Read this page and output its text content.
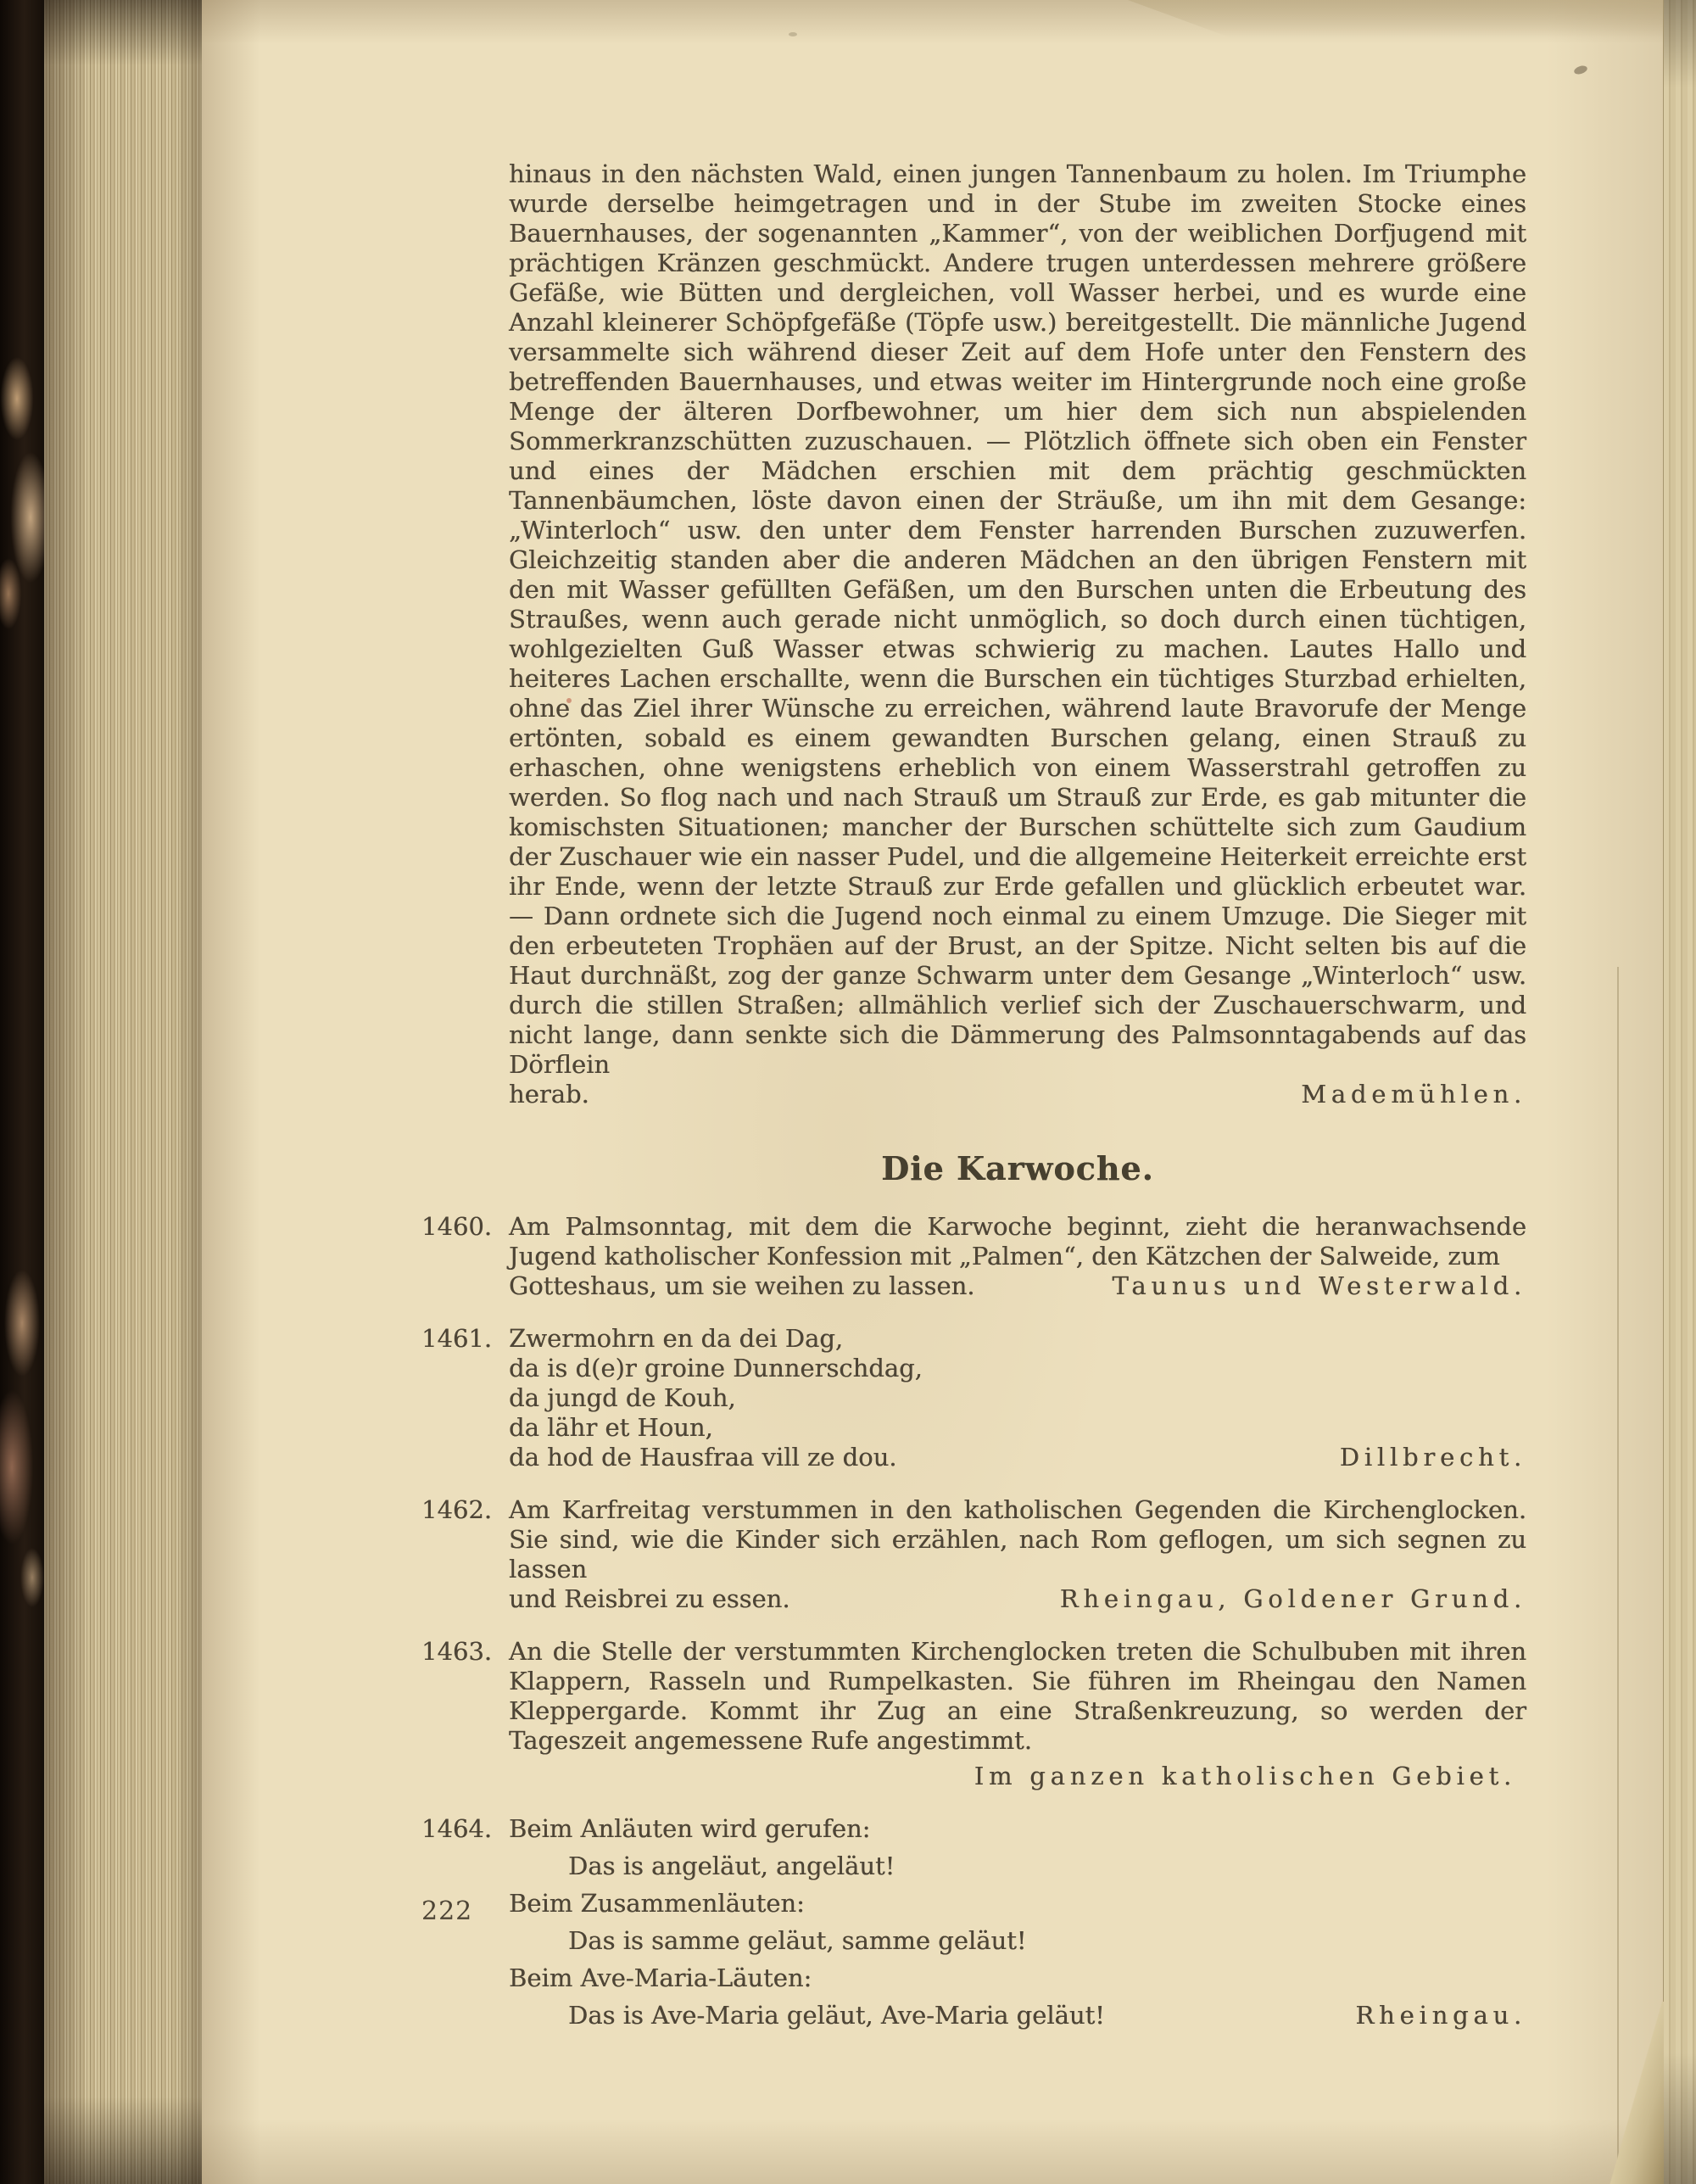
hinaus in den nächsten Wald, einen jungen Tannenbaum zu holen. Im Triumphe wurde derselbe heimgetragen und in der Stube im zweiten Stocke eines Bauernhauses, der sogenannten „Kammer“, von der weiblichen Dorfjugend mit prächtigen Kränzen geschmückt. Andere trugen unterdessen mehrere größere Gefäße, wie Bütten und dergleichen, voll Wasser herbei, und es wurde eine Anzahl kleinerer Schöpfgefäße (Töpfe usw.) bereitgestellt. Die männliche Jugend versammelte sich während dieser Zeit auf dem Hofe unter den Fenstern des betreffenden Bauernhauses, und etwas weiter im Hintergrunde noch eine große Menge der älteren Dorfbewohner, um hier dem sich nun abspielenden Sommerkranzschütten zuzuschauen. — Plötzlich öffnete sich oben ein Fenster und eines der Mädchen erschien mit dem prächtig geschmückten Tannenbäumchen, löste davon einen der Sträuße, um ihn mit dem Gesange: „Winterloch“ usw. den unter dem Fenster harrenden Burschen zuzuwerfen. Gleichzeitig standen aber die anderen Mädchen an den übrigen Fenstern mit den mit Wasser gefüllten Gefäßen, um den Burschen unten die Erbeutung des Straußes, wenn auch gerade nicht unmöglich, so doch durch einen tüchtigen, wohlgezielten Guß Wasser etwas schwierig zu machen. Lautes Hallo und heiteres Lachen erschallte, wenn die Burschen ein tüchtiges Sturzbad erhielten, ohne das Ziel ihrer Wünsche zu erreichen, während laute Bravorufe der Menge ertönten, sobald es einem gewandten Burschen gelang, einen Strauß zu erhaschen, ohne wenigstens erheblich von einem Wasserstrahl getroffen zu werden. So flog nach und nach Strauß um Strauß zur Erde, es gab mitunter die komischsten Situationen; mancher der Burschen schüttelte sich zum Gaudium der Zuschauer wie ein nasser Pudel, und die allgemeine Heiterkeit erreichte erst ihr Ende, wenn der letzte Strauß zur Erde gefallen und glücklich erbeutet war. — Dann ordnete sich die Jugend noch einmal zu einem Umzuge. Die Sieger mit den erbeuteten Trophäen auf der Brust, an der Spitze. Nicht selten bis auf die Haut durchnäßt, zog der ganze Schwarm unter dem Gesange „Winterloch“ usw. durch die stillen Straßen; allmählich verlief sich der Zuschauerschwarm, und nicht lange, dann senkte sich die Dämmerung des Palmsonntagabends auf das Dörflein
herab.	Mademühlen.
Die Karwoche.
1460. Am Palmsonntag, mit dem die Karwoche beginnt, zieht die heranwachsende Jugend katholischer Konfession mit „Palmen“, den Kätzchen der Salweide, zum
Gotteshaus, um sie weihen zu lassen.	Taunus und Westerwald.
1461. Zwermohrn en da dei Dag,
da is d(e)r groine Dunnerschdag,
da jungd de Kouh,
da lähr et Houn,
da hod de Hausfraa vill ze dou.	Dillbrecht.
1462. Am Karfreitag verstummen in den katholischen Gegenden die Kirchenglocken. Sie sind, wie die Kinder sich erzählen, nach Rom geflogen, um sich segnen zu lassen
und Reisbrei zu essen.	Rheingau, Goldener Grund.
1463. An die Stelle der verstummten Kirchenglocken treten die Schulbuben mit ihren Klappern, Rasseln und Rumpelkasten. Sie führen im Rheingau den Namen Kleppergarde. Kommt ihr Zug an eine Straßenkreuzung, so werden der Tageszeit angemessene Rufe angestimmt.
Im ganzen katholischen Gebiet.
1464. Beim Anläuten wird gerufen:
Das is angeläut, angeläut!
Beim Zusammenläuten:
Das is samme geläut, samme geläut!
Beim Ave-Maria-Läuten:
Das is Ave-Maria geläut, Ave-Maria geläut!	Rheingau.
222
